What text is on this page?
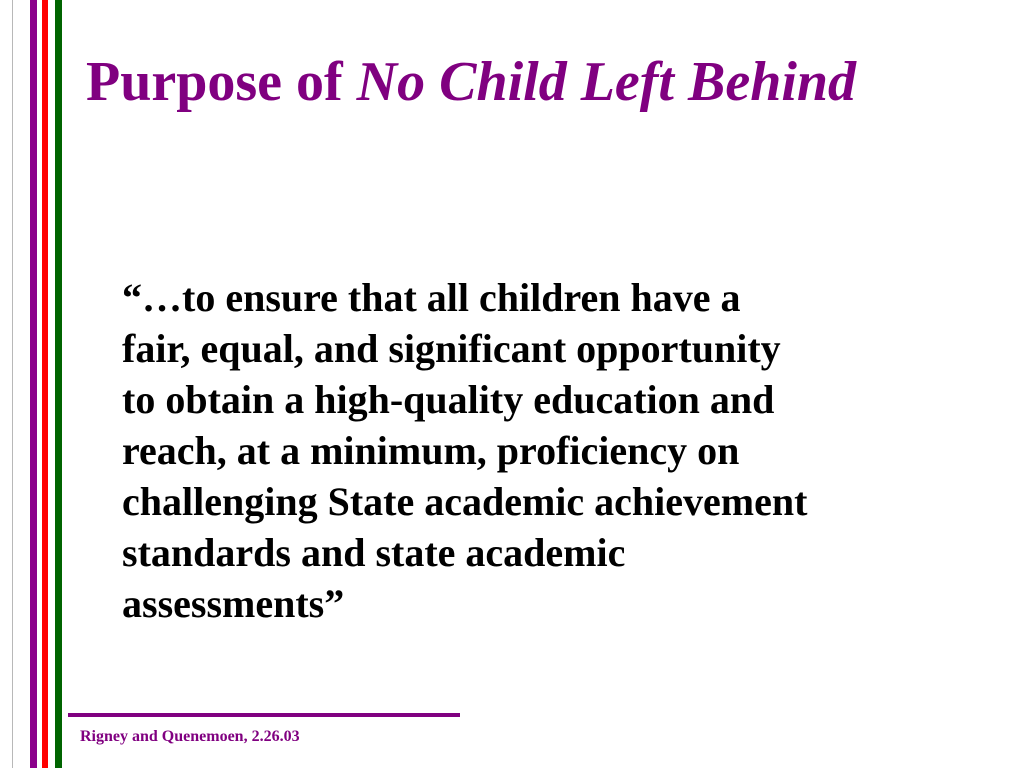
Purpose of No Child Left Behind

“…to ensure that all children have a
fair, equal, and significant opportunity
to obtain a high-quality education and
reach, at a minimum, proficiency on
challenging State academic achievement
standards and state academic
assessments”

Rigney and Quenemoen, 2.26.03
